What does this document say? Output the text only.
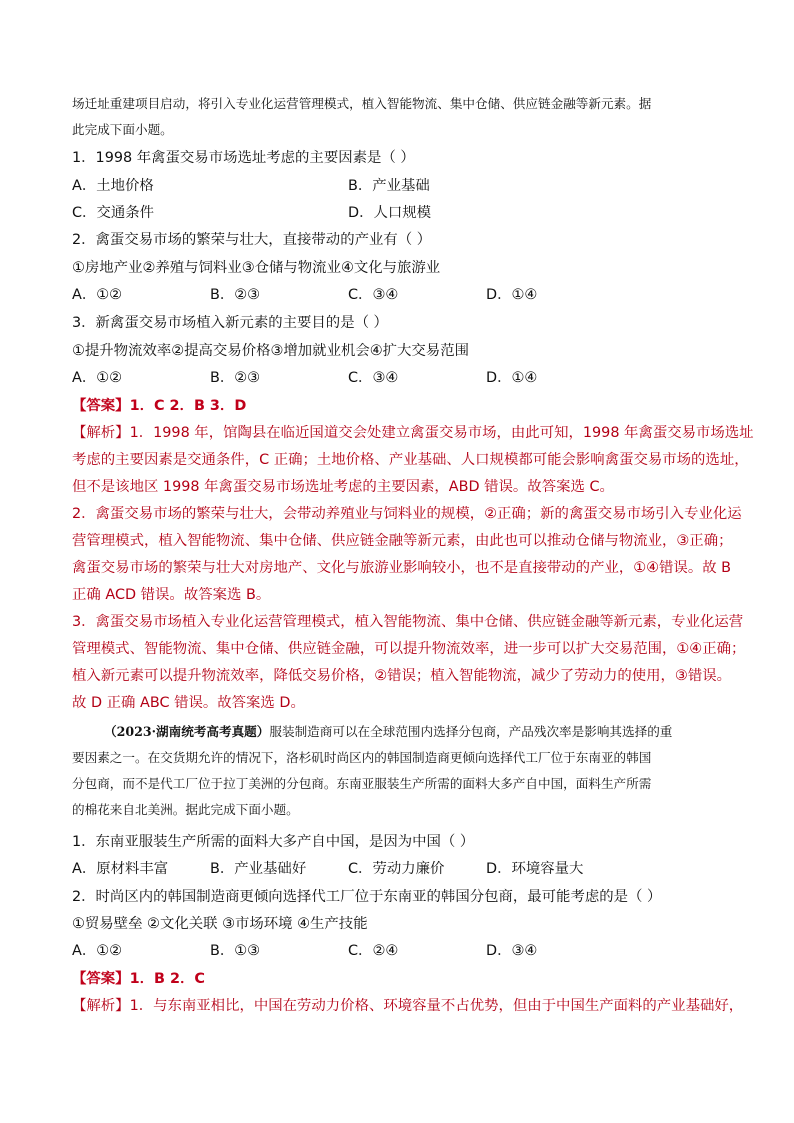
场迁址重建项目启动，将引入专业化运营管理模式，植入智能物流、集中仓储、供应链金融等新元素。据
此完成下面小题。
1．1998 年禽蛋交易市场选址考虑的主要因素是（ ）
A．土地价格	B．产业基础
C．交通条件	D．人口规模
2．禽蛋交易市场的繁荣与壮大，直接带动的产业有（ ）
①房地产业②养殖与饲料业③仓储与物流业④文化与旅游业
A．①②	B．②③	C．③④	D．①④
3．新禽蛋交易市场植入新元素的主要目的是（ ）
①提升物流效率②提高交易价格③增加就业机会④扩大交易范围
A．①②	B．②③	C．③④	D．①④
【答案】1．C 2．B 3．D
【解析】1．1998 年，馆陶县在临近国道交会处建立禽蛋交易市场，由此可知，1998 年禽蛋交易市场选址
考虑的主要因素是交通条件，C 正确；土地价格、产业基础、人口规模都可能会影响禽蛋交易市场的选址，
但不是该地区 1998 年禽蛋交易市场选址考虑的主要因素，ABD 错误。故答案选 C。
2．禽蛋交易市场的繁荣与壮大，会带动养殖业与饲料业的规模，②正确；新的禽蛋交易市场引入专业化运
营管理模式，植入智能物流、集中仓储、供应链金融等新元素，由此也可以推动仓储与物流业，③正确；
禽蛋交易市场的繁荣与壮大对房地产、文化与旅游业影响较小，也不是直接带动的产业，①④错误。故 B
正确 ACD 错误。故答案选 B。
3．禽蛋交易市场植入专业化运营管理模式，植入智能物流、集中仓储、供应链金融等新元素，专业化运营
管理模式、智能物流、集中仓储、供应链金融，可以提升物流效率，进一步可以扩大交易范围，①④正确；
植入新元素可以提升物流效率，降低交易价格，②错误；植入智能物流，减少了劳动力的使用，③错误。
故 D 正确 ABC 错误。故答案选 D。
（2023·湖南统考高考真题）服装制造商可以在全球范围内选择分包商，产品残次率是影响其选择的重
要因素之一。在交货期允许的情况下，洛杉矶时尚区内的韩国制造商更倾向选择代工厂位于东南亚的韩国
分包商，而不是代工厂位于拉丁美洲的分包商。东南亚服装生产所需的面料大多产自中国，面料生产所需
的棉花来自北美洲。据此完成下面小题。
1．东南亚服装生产所需的面料大多产自中国，是因为中国（ ）
A．原材料丰富	B．产业基础好	C．劳动力廉价	D．环境容量大
2．时尚区内的韩国制造商更倾向选择代工厂位于东南亚的韩国分包商，最可能考虑的是（ ）
①贸易壁垒 ②文化关联 ③市场环境 ④生产技能
A．①②	B．①③	C．②④	D．③④
【答案】1．B 2．C
【解析】1．与东南亚相比，中国在劳动力价格、环境容量不占优势，但由于中国生产面料的产业基础好，
